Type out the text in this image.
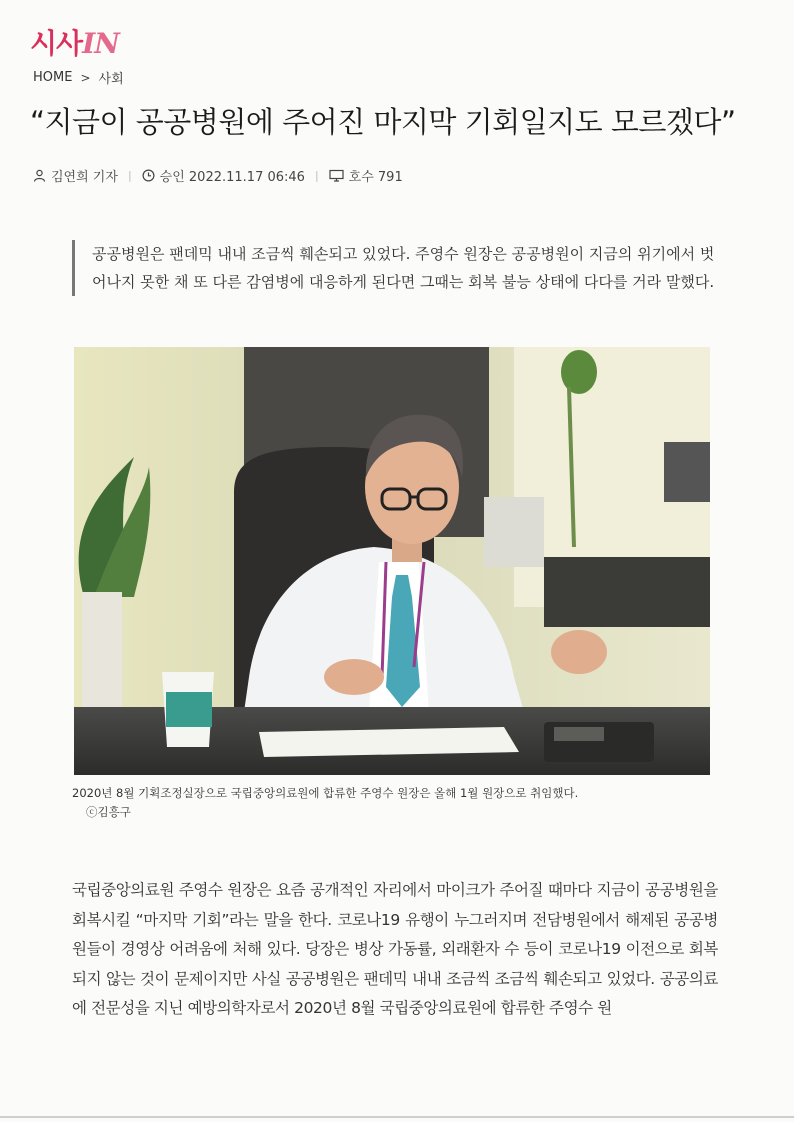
시사IN
HOME > 사회
“지금이 공공병원에 주어진 마지막 기회일지도 모르겠다”
김연희 기자 | 승인 2022.11.17 06:46 | 호수 791
공공병원은 팬데믹 내내 조금씩 훼손되고 있었다. 주영수 원장은 공공병원이 지금의 위기에서 벗어나지 못한 채 또 다른 감염병에 대응하게 된다면 그때는 회복 불능 상태에 다다를 거라 말했다.
2020년 8월 기획조정실장으로 국립중앙의료원에 합류한 주영수 원장은 올해 1월 원장으로 취임했다.
ⓒ김흥구
국립중앙의료원 주영수 원장은 요즘 공개적인 자리에서 마이크가 주어질 때마다 지금이 공공병원을 회복시킬 “마지막 기회”라는 말을 한다. 코로나19 유행이 누그러지며 전담병원에서 해제된 공공병원들이 경영상 어려움에 처해 있다. 당장은 병상 가동률, 외래환자 수 등이 코로나19 이전으로 회복되지 않는 것이 문제이지만 사실 공공병원은 팬데믹 내내 조금씩 조금씩 훼손되고 있었다. 공공의료에 전문성을 지닌 예방의학자로서 2020년 8월 국립중앙의료원에 합류한 주영수 원
